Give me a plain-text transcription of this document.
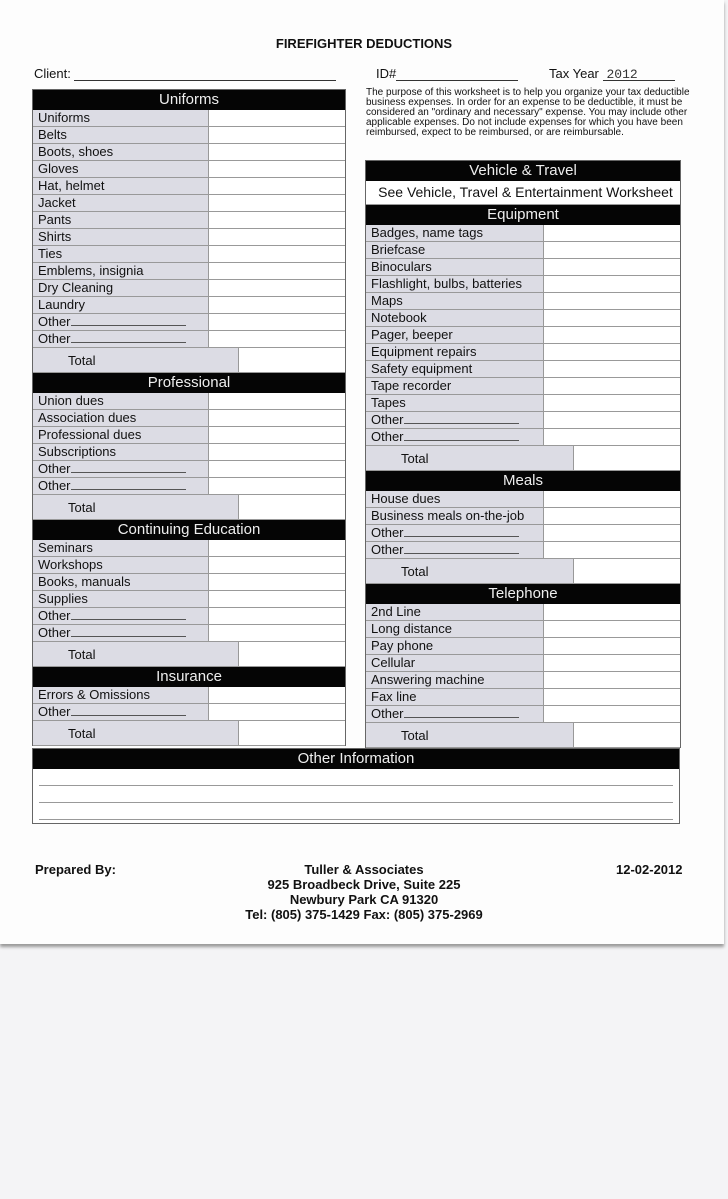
FIREFIGHTER DEDUCTIONS
Client:	ID#	Tax Year 2012
The purpose of this worksheet is to help you organize your tax deductible business expenses. In order for an expense to be deductible, it must be considered an "ordinary and necessary" expense. You may include other applicable expenses. Do not include expenses for which you have been reimbursed, expect to be reimbursed, or are reimbursable.
Uniforms
Uniforms
Belts
Boots, shoes
Gloves
Hat, helmet
Jacket
Pants
Shirts
Ties
Emblems, insignia
Dry Cleaning
Laundry
Other
Other
Total
Professional
Union dues
Association dues
Professional dues
Subscriptions
Other
Other
Total
Continuing Education
Seminars
Workshops
Books, manuals
Supplies
Other
Other
Total
Insurance
Errors & Omissions
Other
Total
Vehicle & Travel
See Vehicle, Travel & Entertainment Worksheet
Equipment
Badges, name tags
Briefcase
Binoculars
Flashlight, bulbs, batteries
Maps
Notebook
Pager, beeper
Equipment repairs
Safety equipment
Tape recorder
Tapes
Other
Other
Total
Meals
House dues
Business meals on-the-job
Other
Other
Total
Telephone
2nd Line
Long distance
Pay phone
Cellular
Answering machine
Fax line
Other
Total
Other Information
Prepared By:	Tuller & Associates
925 Broadbeck Drive, Suite 225
Newbury Park CA 91320
Tel: (805) 375-1429 Fax: (805) 375-2969
12-02-2012
